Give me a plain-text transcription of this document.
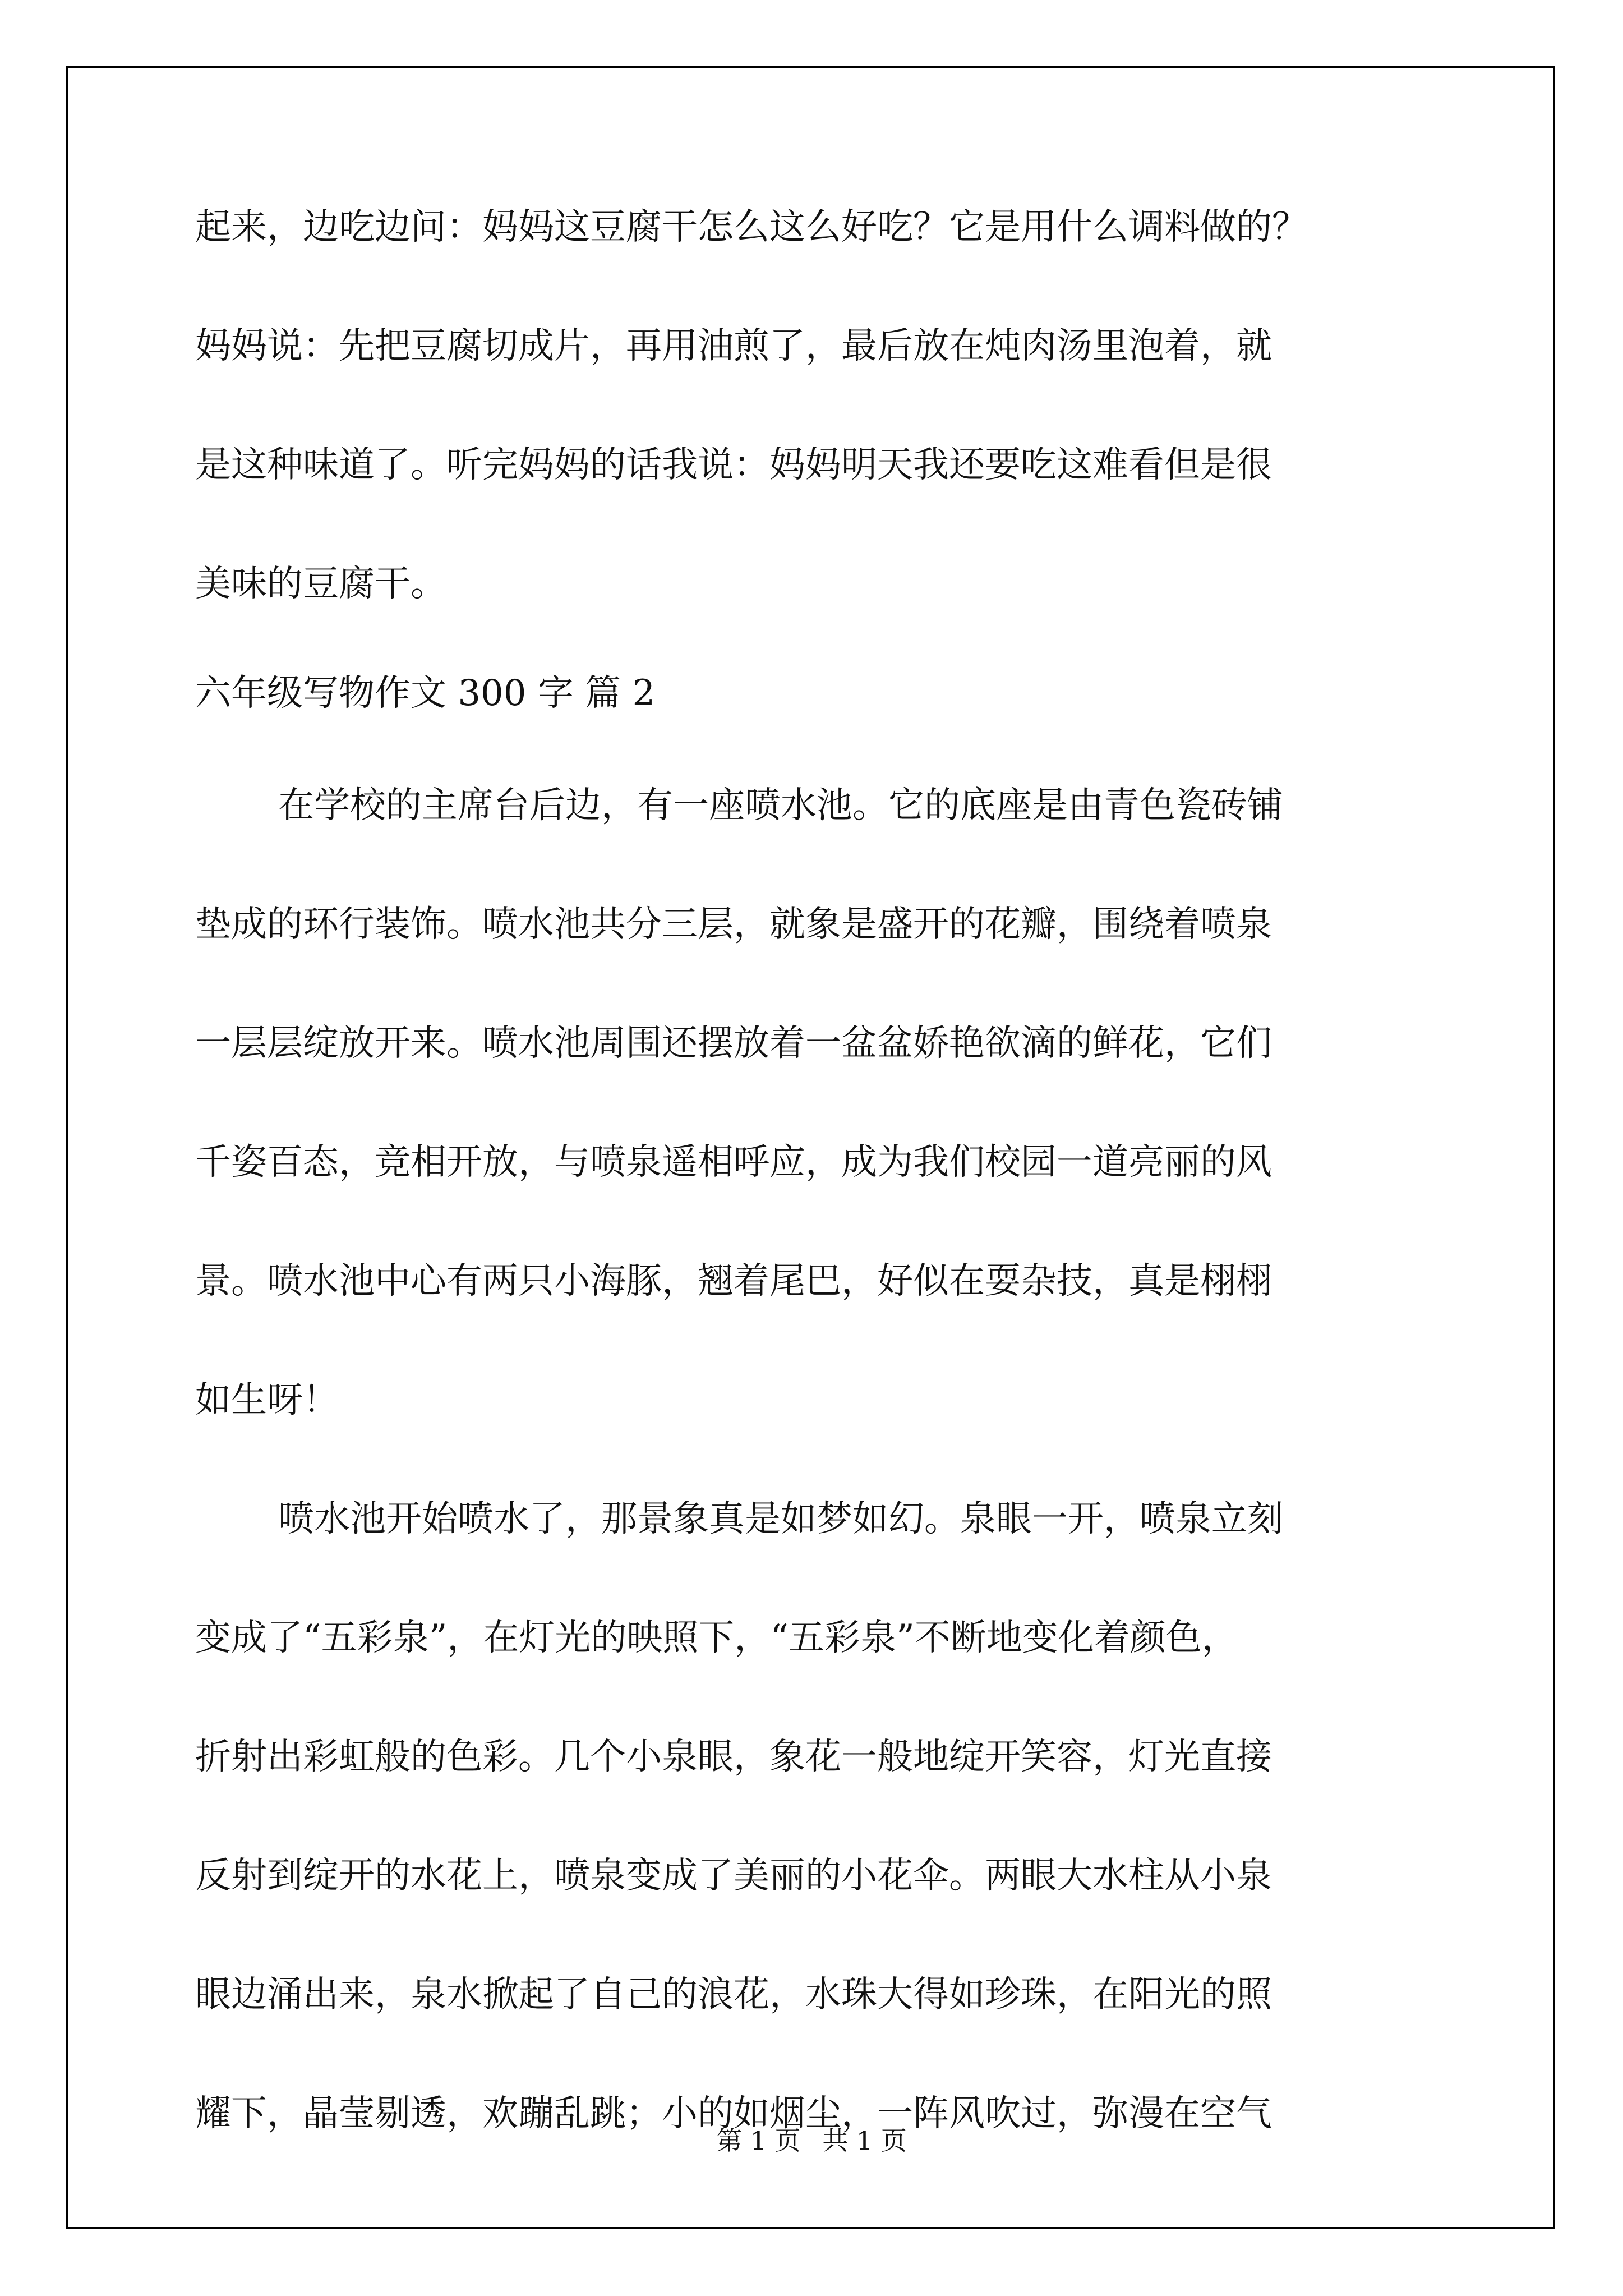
起来，边吃边问：妈妈这豆腐干怎么这么好吃？它是用什么调料做的？
妈妈说：先把豆腐切成片，再用油煎了，最后放在炖肉汤里泡着，就
是这种味道了。听完妈妈的话我说：妈妈明天我还要吃这难看但是很
美味的豆腐干。
六年级写物作文 300 字 篇 2
在学校的主席台后边，有一座喷水池。它的底座是由青色瓷砖铺
垫成的环行装饰。喷水池共分三层，就象是盛开的花瓣，围绕着喷泉
一层层绽放开来。喷水池周围还摆放着一盆盆娇艳欲滴的鲜花，它们
千姿百态，竞相开放，与喷泉遥相呼应，成为我们校园一道亮丽的风
景。喷水池中心有两只小海豚，翘着尾巴，好似在耍杂技，真是栩栩
如生呀！
喷水池开始喷水了，那景象真是如梦如幻。泉眼一开，喷泉立刻
变成了“五彩泉”，在灯光的映照下，“五彩泉”不断地变化着颜色，
折射出彩虹般的色彩。几个小泉眼，象花一般地绽开笑容，灯光直接
反射到绽开的水花上，喷泉变成了美丽的小花伞。两眼大水柱从小泉
眼边涌出来，泉水掀起了自己的浪花，水珠大得如珍珠，在阳光的照
耀下，晶莹剔透，欢蹦乱跳；小的如烟尘，一阵风吹过，弥漫在空气
第 1 页 共 1 页
